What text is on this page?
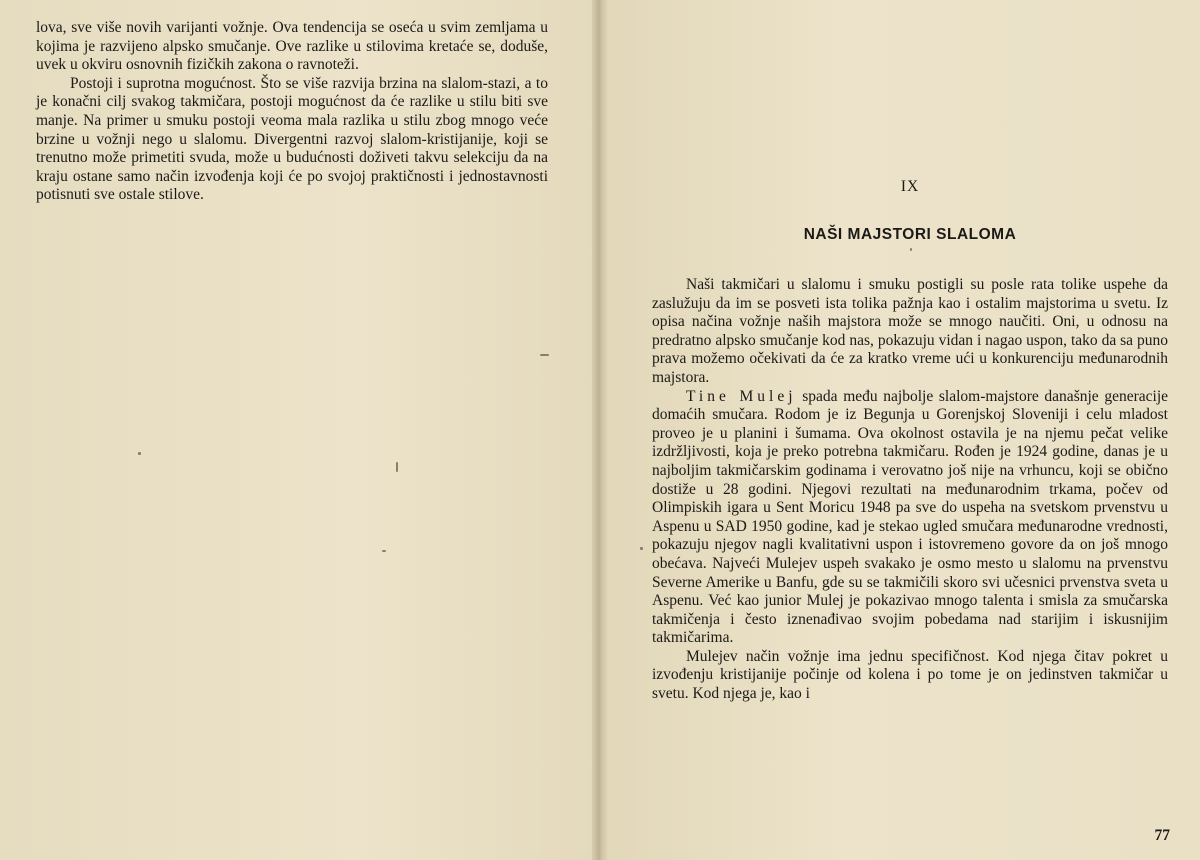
lova, sve više novih varijanti vožnje. Ova tendencija se oseća u svim zemljama u kojima je razvijeno alpsko smučanje. Ove razlike u stilovima kretaće se, doduše, uvek u okviru osnovnih fizičkih zakona o ravnoteži.

Postoji i suprotna mogućnost. Što se više razvija brzina na slalom-stazi, a to je konačni cilj svakog takmičara, postoji mogućnost da će razlike u stilu biti sve manje. Na primer u smuku postoji veoma mala razlika u stilu zbog mnogo veće brzine u vožnji nego u slalomu. Divergentni razvoj slalom-kristijanije, koji se trenutno može primetiti svuda, može u budućnosti doživeti takvu selekciju da na kraju ostane samo način izvođenja koji će po svojoj praktičnosti i jednostavnosti potisnuti sve ostale stilove.	IX
NAŠI MAJSTORI SLALOMA

Naši takmičari u slalomu i smuku postigli su posle rata tolike uspehe da zaslužuju da im se posveti ista tolika pažnja kao i ostalim majstorima u svetu. Iz opisa načina vožnje naših majstora može se mnogo naučiti. Oni, u odnosu na predratno alpsko smučanje kod nas, pokazuju vidan i nagao uspon, tako da sa puno prava možemo očekivati da će za kratko vreme ući u konkurenciju međunarodnih majstora.

Tine Mulej spada među najbolje slalom-majstore današnje generacije domaćih smučara. Rodom je iz Begunja u Gorenjskoj Sloveniji i celu mladost proveo je u planini i šumama. Ova okolnost ostavila je na njemu pečat velike izdržljivosti, koja je preko potrebna takmičaru. Rođen je 1924 godine, danas je u najboljim takmičarskim godinama i verovatno još nije na vrhuncu, koji se obično dostiže u 28 godini. Njegovi rezultati na međunarodnim trkama, počev od Olimpiskih igara u Sent Moricu 1948 pa sve do uspeha na svetskom prvenstvu u Aspenu u SAD 1950 godine, kad je stekao ugled smučara međunarodne vrednosti, pokazuju njegov nagli kvalitativni uspon i istovremeno govore da on još mnogo obećava. Najveći Mulejev uspeh svakako je osmo mesto u slalomu na prvenstvu Severne Amerike u Banfu, gde su se takmičili skoro svi učesnici prvenstva sveta u Aspenu. Već kao junior Mulej je pokazivao mnogo talenta i smisla za smučarska takmičenja i često iznenađivao svojim pobedama nad starijim i iskusnijim takmičarima.

Mulejev način vožnje ima jednu specifičnost. Kod njega čitav pokret u izvođenju kristijanije počinje od kolena i po tome je on jedinstven takmičar u svetu. Kod njega je, kao i

77
